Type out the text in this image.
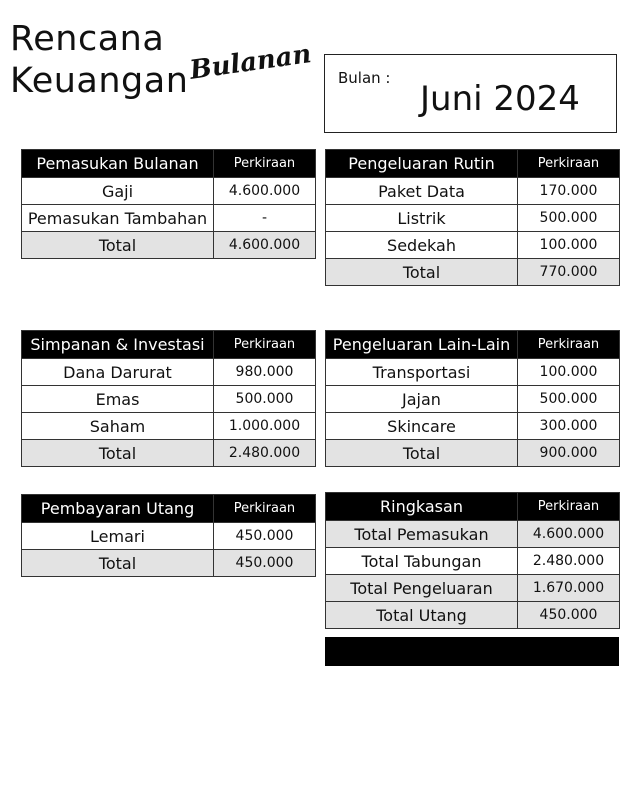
Rencana
Keuangan Bulanan Bulan :
Juni 2024
Pemasukan Bulanan	Perkiraan
Gaji	4.600.000
Pemasukan Tambahan	-
Total	4.600.000
Pengeluaran Rutin	Perkiraan
Paket Data	170.000
Listrik	500.000
Sedekah	100.000
Total	770.000
Simpanan & Investasi	Perkiraan
Dana Darurat	980.000
Emas	500.000
Saham	1.000.000
Total	2.480.000
Pengeluaran Lain-Lain	Perkiraan
Transportasi	100.000
Jajan	500.000
Skincare	300.000
Total	900.000
Pembayaran Utang	Perkiraan
Lemari	450.000
Total	450.000
Ringkasan	Perkiraan
Total Pemasukan	4.600.000
Total Tabungan	2.480.000
Total Pengeluaran	1.670.000
Total Utang	450.000
